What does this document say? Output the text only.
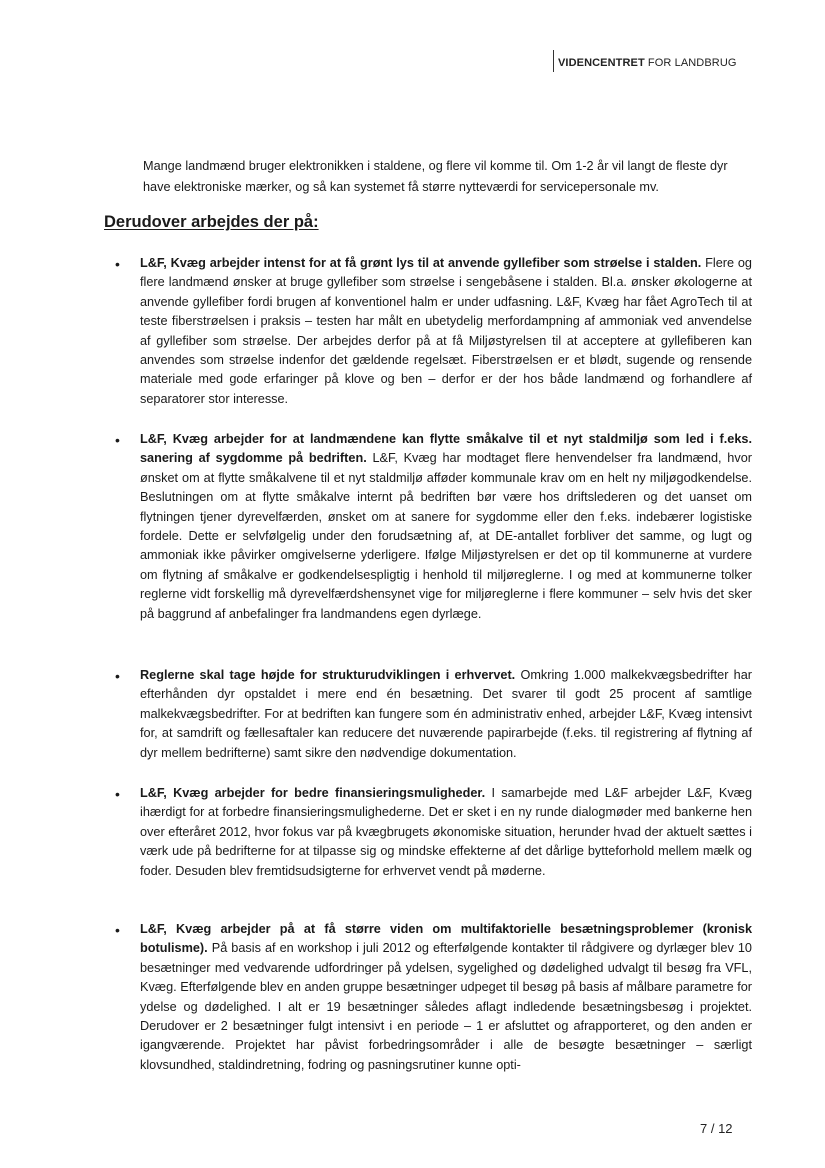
VIDENCENTRET FOR LANDBRUG

Mange landmænd bruger elektronikken i staldene, og flere vil komme til. Om 1-2 år vil langt de fleste dyr have elektroniske mærker, og så kan systemet få større nytteværdi for servicepersonale mv.

Derudover arbejdes der på:
• L&F, Kvæg arbejder intenst for at få grønt lys til at anvende gyllefiber som strøelse i stalden. Flere og flere landmænd ønsker at bruge gyllefiber som strøelse i sengebåsene i stalden. Bl.a. ønsker økologerne at anvende gyllefiber fordi brugen af konventionel halm er under udfasning. L&F, Kvæg har fået AgroTech til at teste fiberstrøelsen i praksis – testen har målt en ubetydelig merfordampning af ammoniak ved anvendelse af gyllefiber som strøelse. Der arbejdes derfor på at få Miljøstyrelsen til at acceptere at gyllefiberen kan anvendes som strøelse indenfor det gældende regelsæt. Fiberstrøelsen er et blødt, sugende og rensende materiale med gode erfaringer på klove og ben – derfor er der hos både landmænd og forhandlere af separatorer stor interesse.

• L&F, Kvæg arbejder for at landmændene kan flytte småkalve til et nyt staldmiljø som led i f.eks. sanering af sygdomme på bedriften. L&F, Kvæg har modtaget flere henvendelser fra landmænd, hvor ønsket om at flytte småkalvene til et nyt staldmiljø afføder kommunale krav om en helt ny miljøgodkendelse. Beslutningen om at flytte småkalve internt på bedriften bør være hos driftslederen og det uanset om flytningen tjener dyrevelfærden, ønsket om at sanere for sygdomme eller den f.eks. indebærer logistiske fordele. Dette er selvfølgelig under den forudsætning af, at DE-antallet forbliver det samme, og lugt og ammoniak ikke påvirker omgivelserne yderligere. Ifølge Miljøstyrelsen er det op til kommunerne at vurdere om flytning af småkalve er godkendelsespligtig i henhold til miljøreglerne. I og med at kommunerne tolker reglerne vidt forskellig må dyrevelfærdshensynet vige for miljøreglerne i flere kommuner – selv hvis det sker på baggrund af anbefalinger fra landmandens egen dyrlæge.

• Reglerne skal tage højde for strukturudviklingen i erhvervet. Omkring 1.000 malkekvægsbedrifter har efterhånden dyr opstaldet i mere end én besætning. Det svarer til godt 25 procent af samtlige malkekvægsbedrifter. For at bedriften kan fungere som én administrativ enhed, arbejder L&F, Kvæg intensivt for, at samdrift og fællesaftaler kan reducere det nuværende papirarbejde (f.eks. til registrering af flytning af dyr mellem bedrifterne) samt sikre den nødvendige dokumentation.

• L&F, Kvæg arbejder for bedre finansieringsmuligheder. I samarbejde med L&F arbejder L&F, Kvæg ihærdigt for at forbedre finansieringsmulighederne. Det er sket i en ny runde dialogmøder med bankerne hen over efteråret 2012, hvor fokus var på kvægbrugets økonomiske situation, herunder hvad der aktuelt sættes i værk ude på bedrifterne for at tilpasse sig og mindske effekterne af det dårlige bytteforhold mellem mælk og foder. Desuden blev fremtidsudsigterne for erhvervet vendt på møderne.

• L&F, Kvæg arbejder på at få større viden om multifaktorielle besætningsproblemer (kronisk botulisme). På basis af en workshop i juli 2012 og efterfølgende kontakter til rådgivere og dyrlæger blev 10 besætninger med vedvarende udfordringer på ydelsen, sygelighed og dødelighed udvalgt til besøg fra VFL, Kvæg. Efterfølgende blev en anden gruppe besætninger udpeget til besøg på basis af målbare parametre for ydelse og dødelighed. I alt er 19 besætninger således aflagt indledende besætningsbesøg i projektet. Derudover er 2 besætninger fulgt intensivt i en periode – 1 er afsluttet og afrapporteret, og den anden er igangværende. Projektet har påvist forbedringsområder i alle de besøgte besætninger – særligt klovsundhed, staldindretning, fodring og pasningsrutiner kunne opti-

7 / 12
